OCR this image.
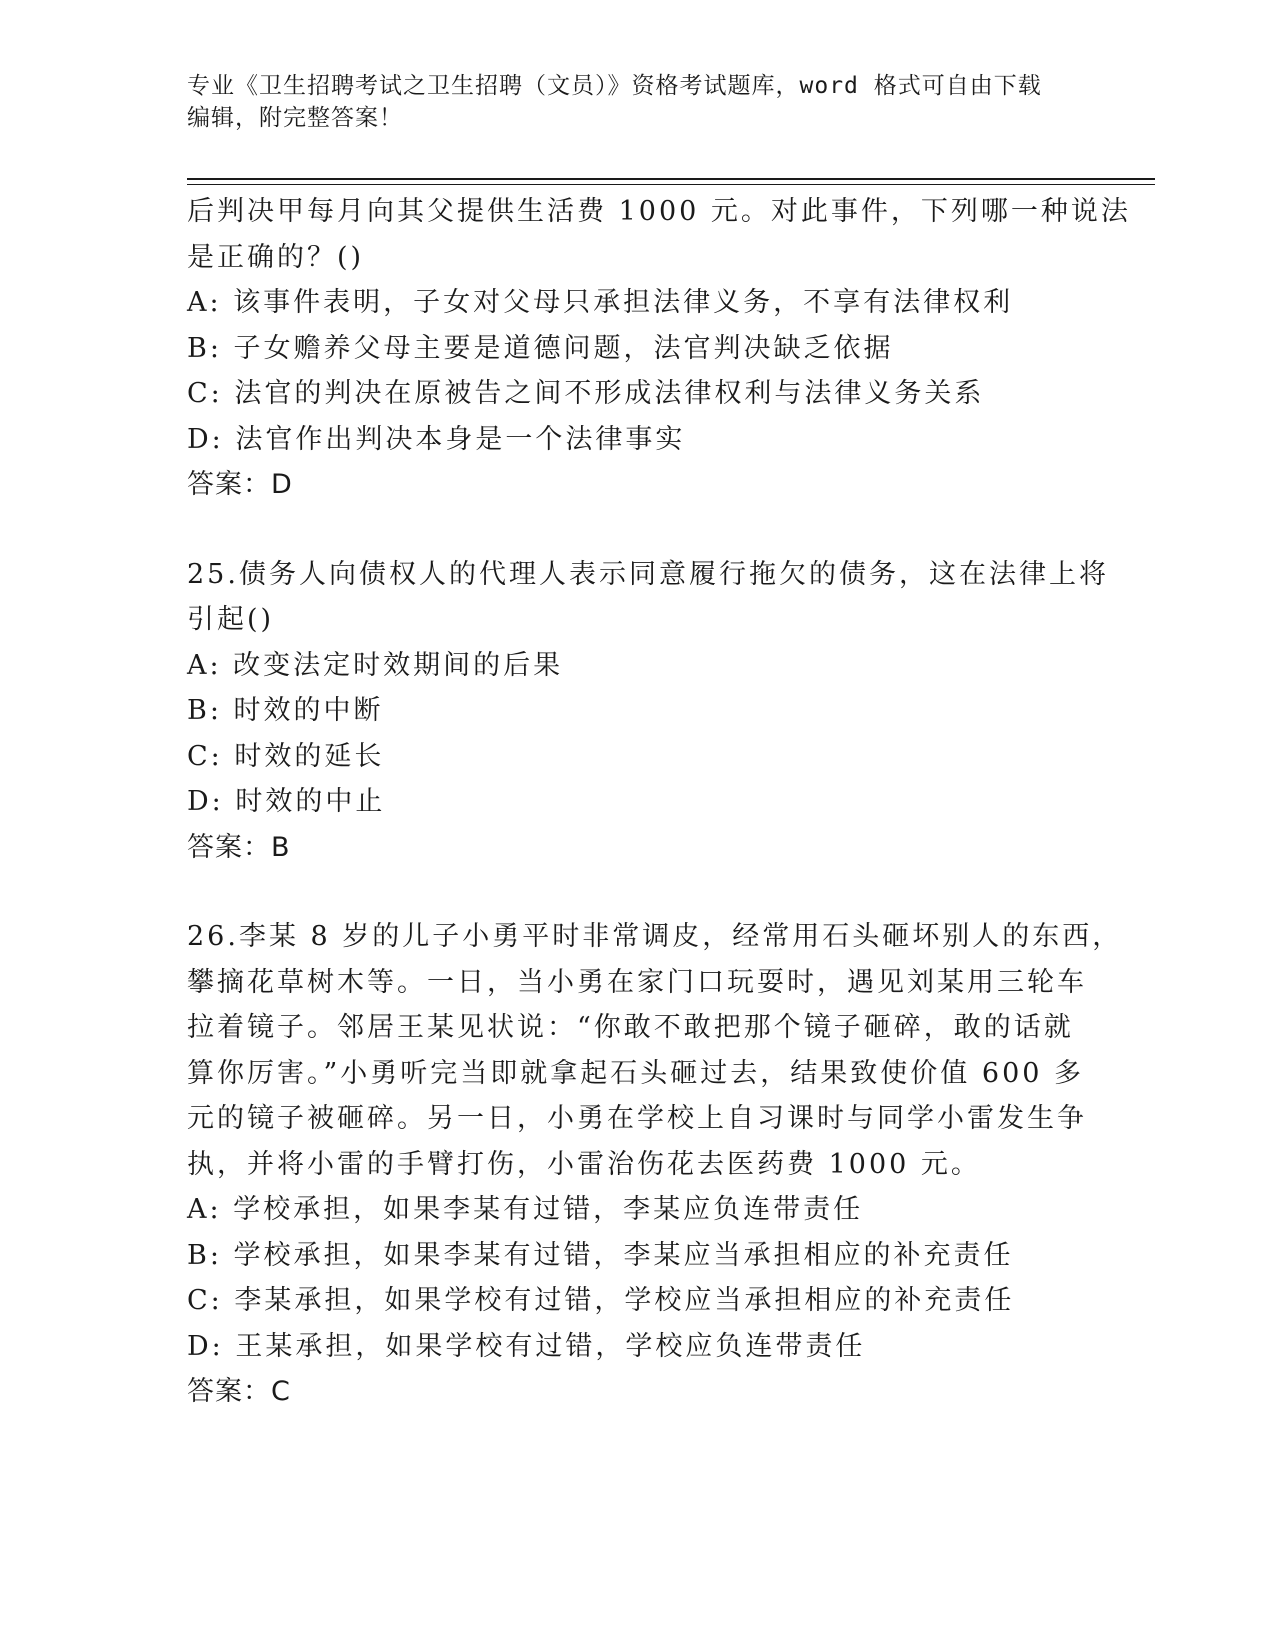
专业《卫生招聘考试之卫生招聘（文员）》资格考试题库，word 格式可自由下载
编辑，附完整答案！
后判决甲每月向其父提供生活费 1000 元。对此事件，下列哪一种说法
是正确的？()
A: 该事件表明，子女对父母只承担法律义务，不享有法律权利
B: 子女赡养父母主要是道德问题，法官判决缺乏依据
C: 法官的判决在原被告之间不形成法律权利与法律义务关系
D: 法官作出判决本身是一个法律事实
答案：D
25.债务人向债权人的代理人表示同意履行拖欠的债务，这在法律上将
引起()
A: 改变法定时效期间的后果
B: 时效的中断
C: 时效的延长
D: 时效的中止
答案：B
26.李某 8 岁的儿子小勇平时非常调皮，经常用石头砸坏别人的东西，
攀摘花草树木等。一日，当小勇在家门口玩耍时，遇见刘某用三轮车
拉着镜子。邻居王某见状说：“你敢不敢把那个镜子砸碎，敢的话就
算你厉害。”小勇听完当即就拿起石头砸过去，结果致使价值 600 多
元的镜子被砸碎。另一日，小勇在学校上自习课时与同学小雷发生争
执，并将小雷的手臂打伤，小雷治伤花去医药费 1000 元。
A: 学校承担，如果李某有过错，李某应负连带责任
B: 学校承担，如果李某有过错，李某应当承担相应的补充责任
C: 李某承担，如果学校有过错，学校应当承担相应的补充责任
D: 王某承担，如果学校有过错，学校应负连带责任
答案：C
